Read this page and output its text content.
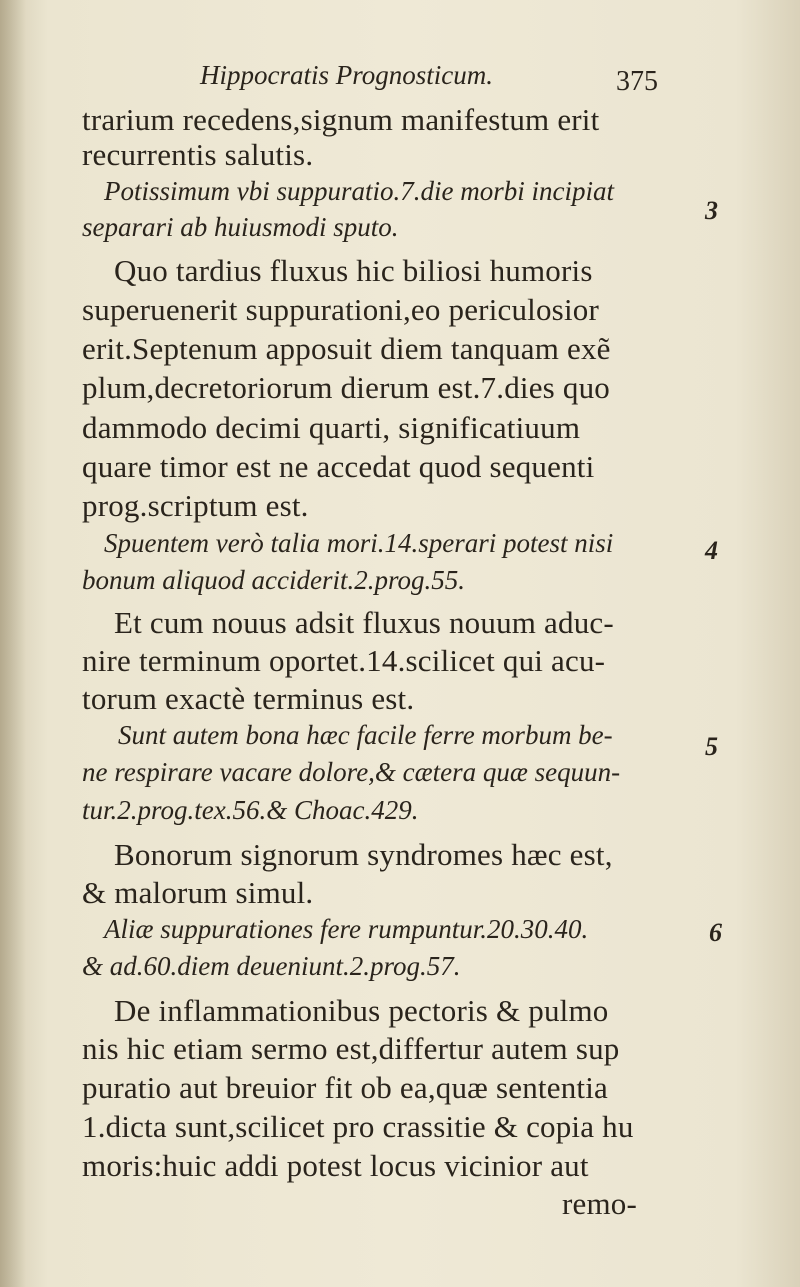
Hippocratis Prognosticum.	375
trarium recedens,signum manifestum erit
recurrentis salutis.
Potissimum vbi suppuratio.7.die morbi incipiat
separari ab huiusmodi sputo.
Quo tardius fluxus hic biliosi humoris
superuenerit suppurationi,eo periculosior
erit.Septenum apposuit diem tanquam exẽ
plum,decretoriorum dierum est.7.dies quo
dammodo decimi quarti, significatiuum
quare timor est ne accedat quod sequenti
prog.scriptum est.
Spuentem verò talia mori.14.sperari potest nisi
bonum aliquod acciderit.2.prog.55.
Et cum nouus adsit fluxus nouum aduc-
nire terminum oportet.14.scilicet qui acu-
torum exactè terminus est.
Sunt autem bona hæc facile ferre morbum be-
ne respirare vacare dolore,& cætera quæ sequun-
tur.2.prog.tex.56.& Choac.429.
Bonorum signorum syndromes hæc est,
& malorum simul.
Aliæ suppurationes fere rumpuntur.20.30.40.
& ad.60.diem deueniunt.2.prog.57.
De inflammationibus pectoris & pulmo
nis hic etiam sermo est,differtur autem sup
puratio aut breuior fit ob ea,quæ sententia
1.dicta sunt,scilicet pro crassitie & copia hu
moris:huic addi potest locus vicinior aut
remo-
3
4
5
6
